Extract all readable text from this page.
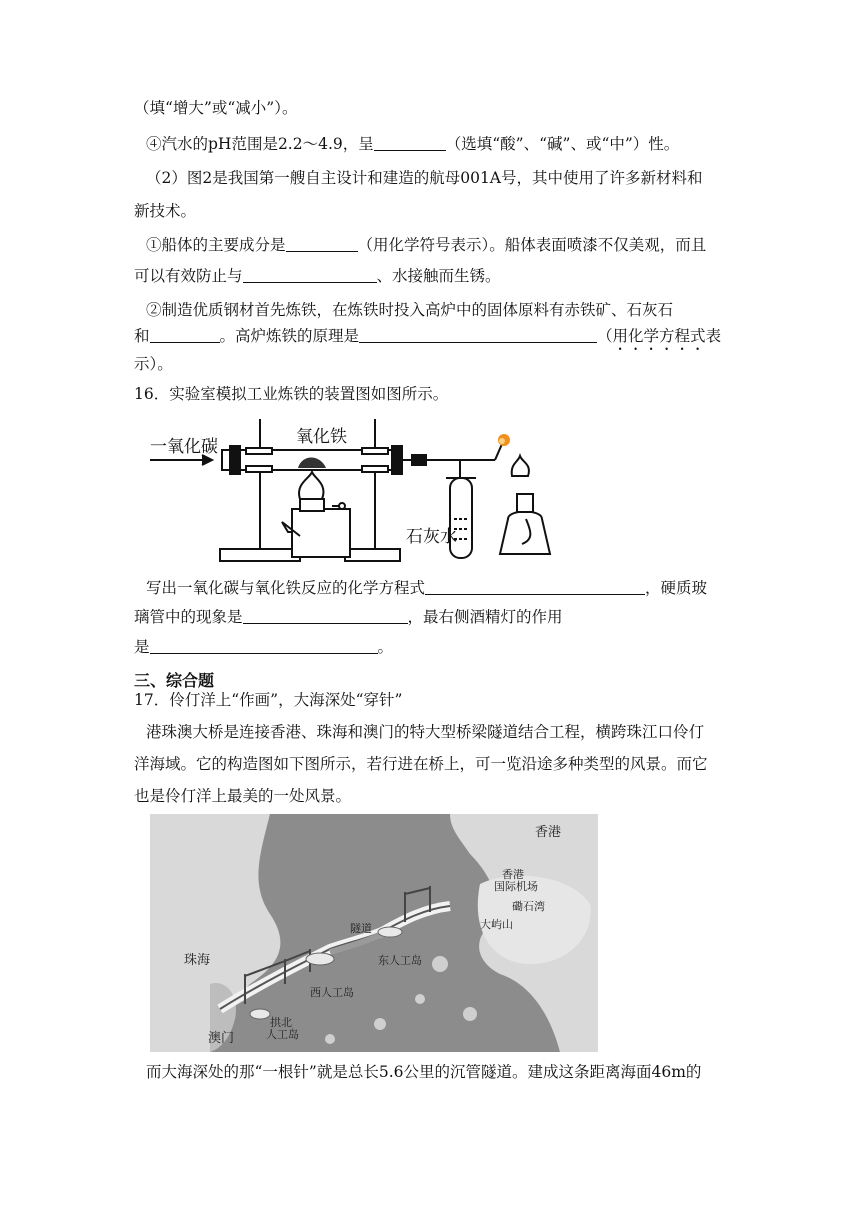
（填“增大”或“减小”）。
④汽水的pH范围是2.2～4.9，呈	（选填“酸”、“碱”、或“中”）性。
（2）图2是我国第一艘自主设计和建造的航母001A号，其中使用了许多新材料和
新技术。
①船体的主要成分是	（用化学符号表示）。船体表面喷漆不仅美观，而且
可以有效防止与	、水接触而生锈。
②制造优质钢材首先炼铁，在炼铁时投入高炉中的固体原料有赤铁矿、石灰石
和	。高炉炼铁的原理是	（用化学方程式表
示）。
16．实验室模拟工业炼铁的装置图如图所示。
一氧化碳	氧化铁
石灰水
写出一氧化碳与氧化铁反应的化学方程式	，硬质玻
璃管中的现象是	，最右侧酒精灯的作用
是	。
三、综合题
17．伶仃洋上“作画”，大海深处“穿针”
港珠澳大桥是连接香港、珠海和澳门的特大型桥梁隧道结合工程，横跨珠江口伶仃
洋海域。它的构造图如下图所示，若行进在桥上，可一览沿途多种类型的风景。而它
也是伶仃洋上最美的一处风景。
香港
香港
国际机场
磡石湾
大屿山
隧道
东人工岛
西人工岛
珠海
澳门
拱北
人工岛
而大海深处的那“一根针”就是总长5.6公里的沉管隧道。建成这条距离海面46m的
